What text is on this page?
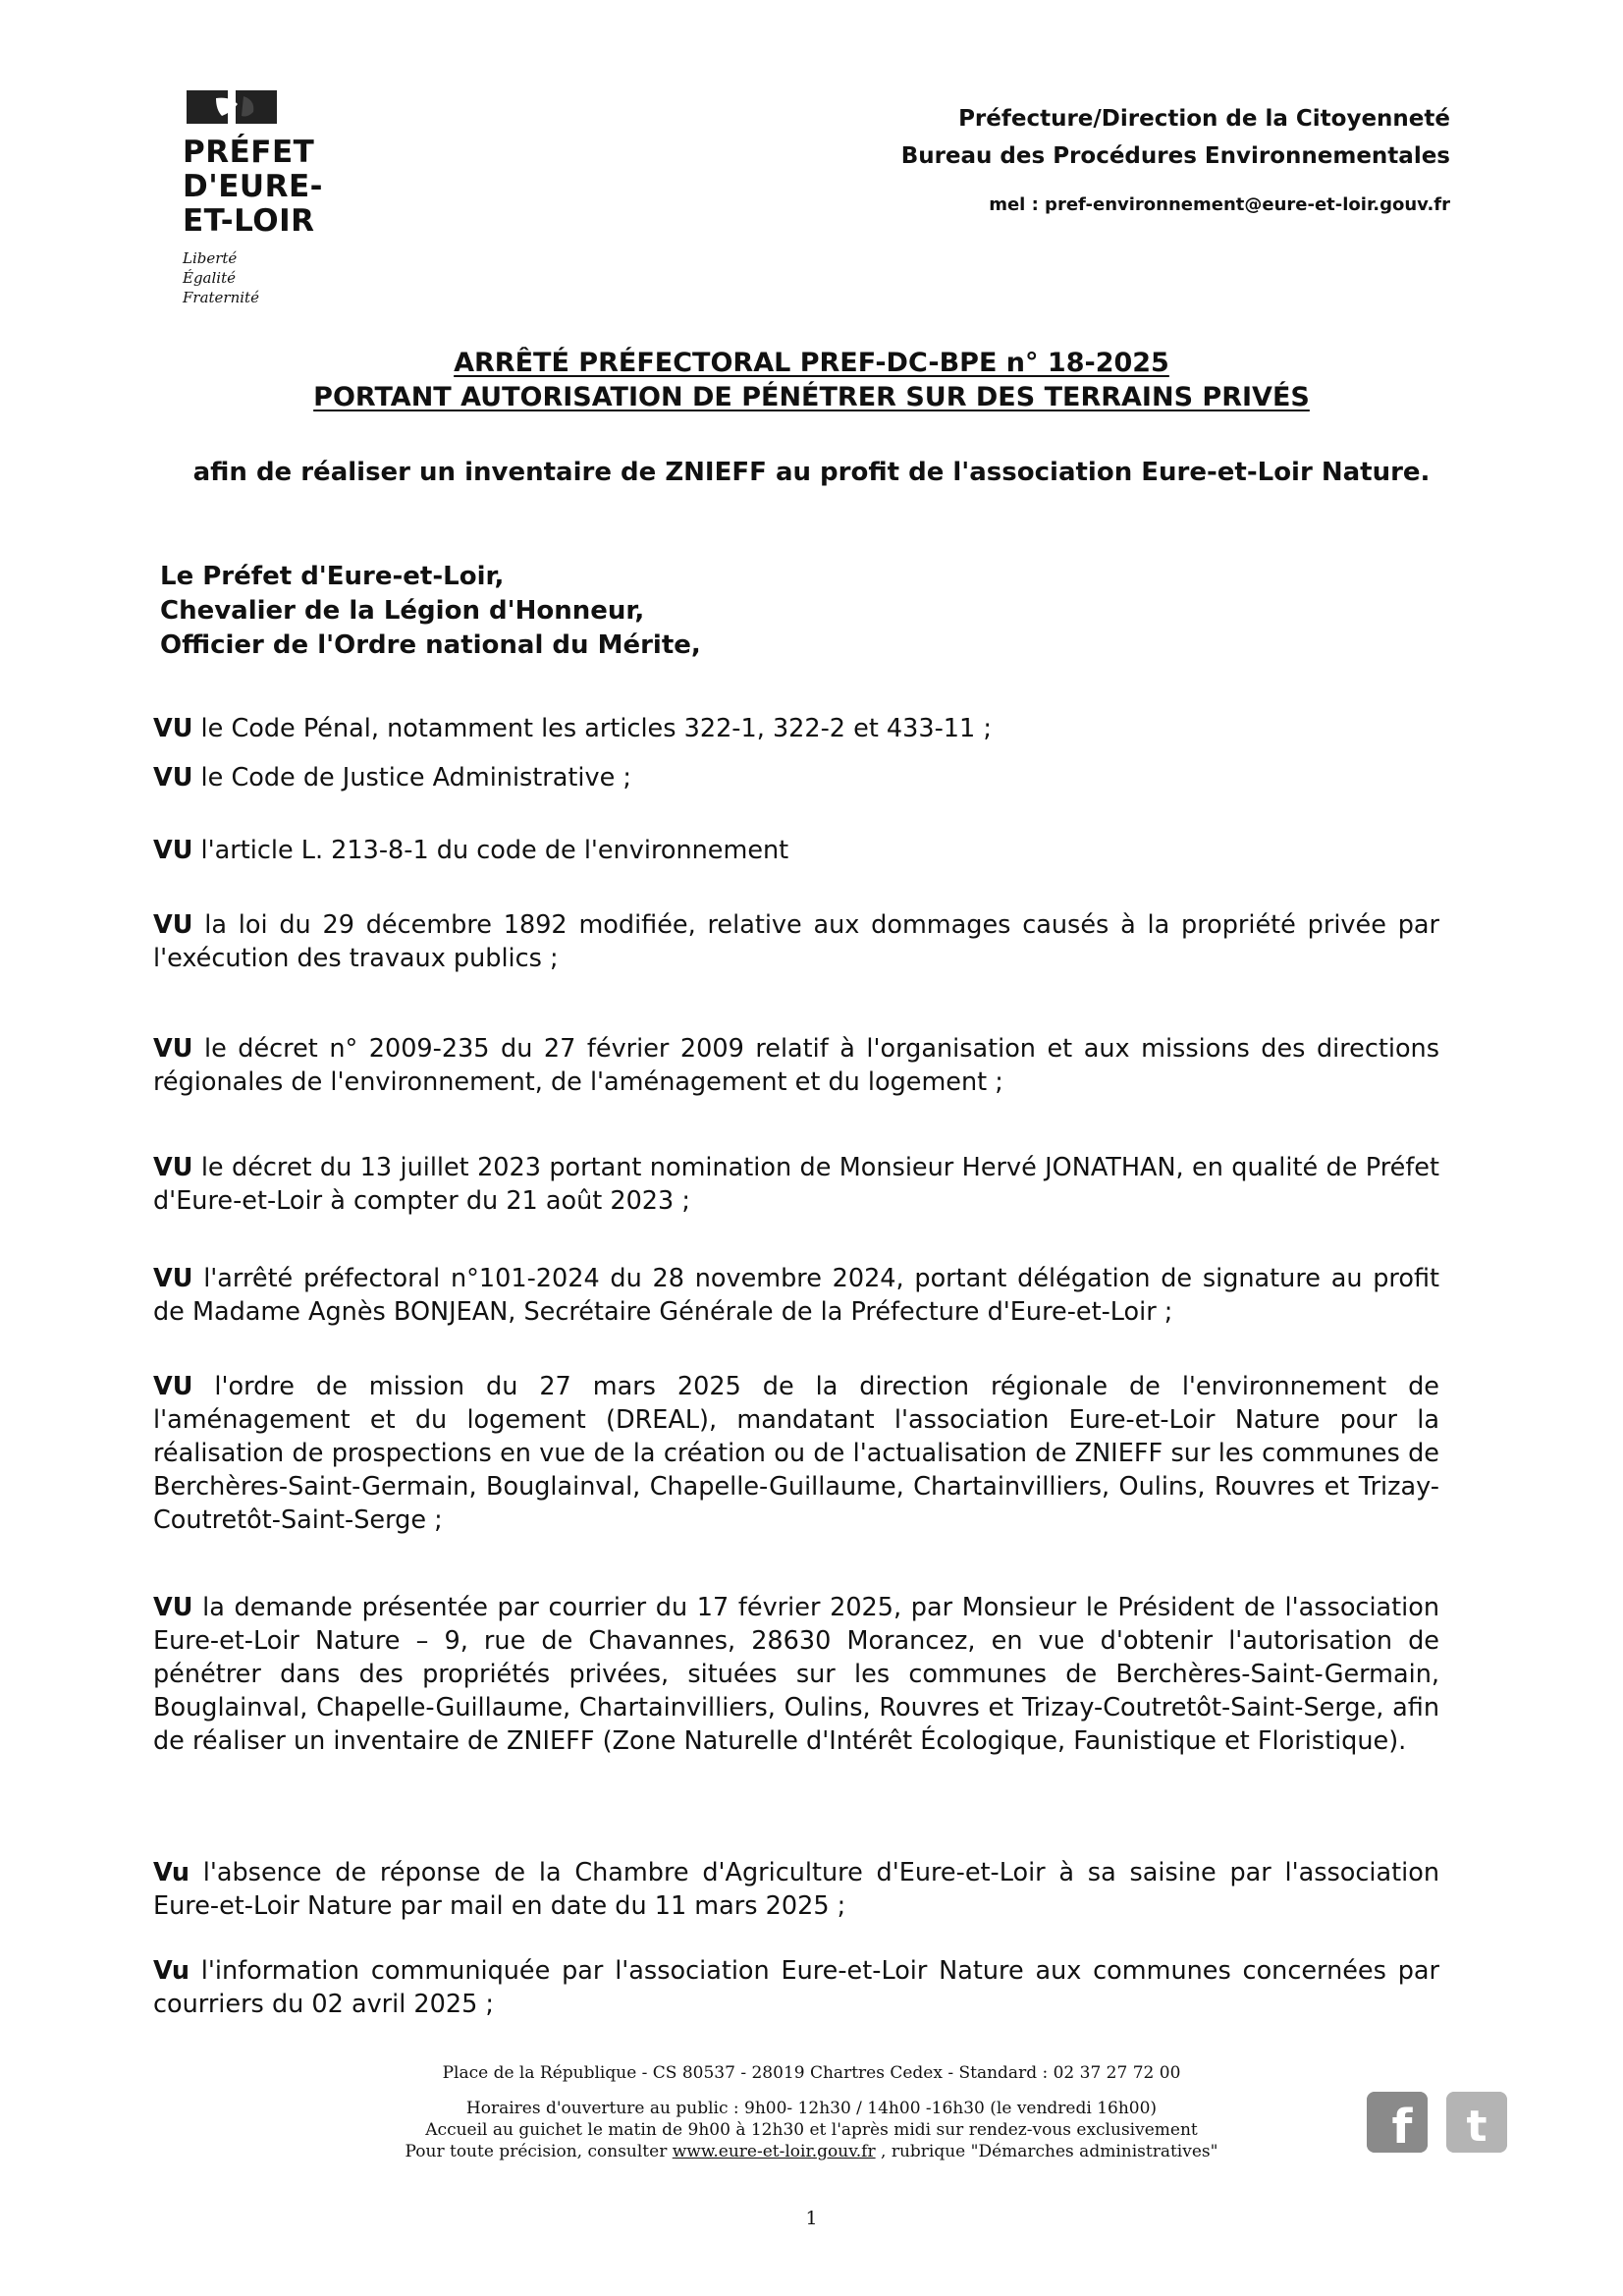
PRÉFET
D'EURE-
ET-LOIR
Liberté
Égalité
Fraternité
Préfecture/Direction de la Citoyenneté
Bureau des Procédures Environnementales
mel : pref-environnement@eure-et-loir.gouv.fr
ARRÊTÉ PRÉFECTORAL PREF-DC-BPE n° 18-2025
PORTANT AUTORISATION DE PÉNÉTRER SUR DES TERRAINS PRIVÉS
afin de réaliser un inventaire de ZNIEFF au profit de l'association Eure-et-Loir Nature.
Le Préfet d'Eure-et-Loir,
Chevalier de la Légion d'Honneur,
Officier de l'Ordre national du Mérite,
VU le Code Pénal, notamment les articles 322-1, 322-2 et 433-11 ;
VU le Code de Justice Administrative ;
VU l'article L. 213-8-1 du code de l'environnement
VU la loi du 29 décembre 1892 modifiée, relative aux dommages causés à la propriété privée par l'exécution des travaux publics ;
VU le décret n° 2009-235 du 27 février 2009 relatif à l'organisation et aux missions des directions régionales de l'environnement, de l'aménagement et du logement ;
VU le décret du 13 juillet 2023 portant nomination de Monsieur Hervé JONATHAN, en qualité de Préfet d'Eure-et-Loir à compter du 21 août 2023 ;
VU l'arrêté préfectoral n°101-2024 du 28 novembre 2024, portant délégation de signature au profit de Madame Agnès BONJEAN, Secrétaire Générale de la Préfecture d'Eure-et-Loir ;
VU l'ordre de mission du 27 mars 2025 de la direction régionale de l'environnement de l'aménagement et du logement (DREAL), mandatant l'association Eure-et-Loir Nature pour la réalisation de prospections en vue de la création ou de l'actualisation de ZNIEFF sur les communes de Berchères-Saint-Germain, Bouglainval, Chapelle-Guillaume, Chartainvilliers, Oulins, Rouvres et Trizay-Coutretôt-Saint-Serge ;
VU la demande présentée par courrier du 17 février 2025, par Monsieur le Président de l'association Eure-et-Loir Nature – 9, rue de Chavannes, 28630 Morancez, en vue d'obtenir l'autorisation de pénétrer dans des propriétés privées, situées sur les communes de Berchères-Saint-Germain, Bouglainval, Chapelle-Guillaume, Chartainvilliers, Oulins, Rouvres et Trizay-Coutretôt-Saint-Serge, afin de réaliser un inventaire de ZNIEFF (Zone Naturelle d'Intérêt Écologique, Faunistique et Floristique).
Vu l'absence de réponse de la Chambre d'Agriculture d'Eure-et-Loir à sa saisine par l'association Eure-et-Loir Nature par mail en date du 11 mars 2025 ;
Vu l'information communiquée par l'association Eure-et-Loir Nature aux communes concernées par courriers du 02 avril 2025 ;
Place de la République - CS 80537 - 28019 Chartres Cedex - Standard : 02 37 27 72 00
Horaires d'ouverture au public : 9h00- 12h30 / 14h00 -16h30 (le vendredi 16h00)
Accueil au guichet le matin de 9h00 à 12h30 et l'après midi sur rendez-vous exclusivement
Pour toute précision, consulter www.eure-et-loir.gouv.fr , rubrique "Démarches administratives"	f t
1
